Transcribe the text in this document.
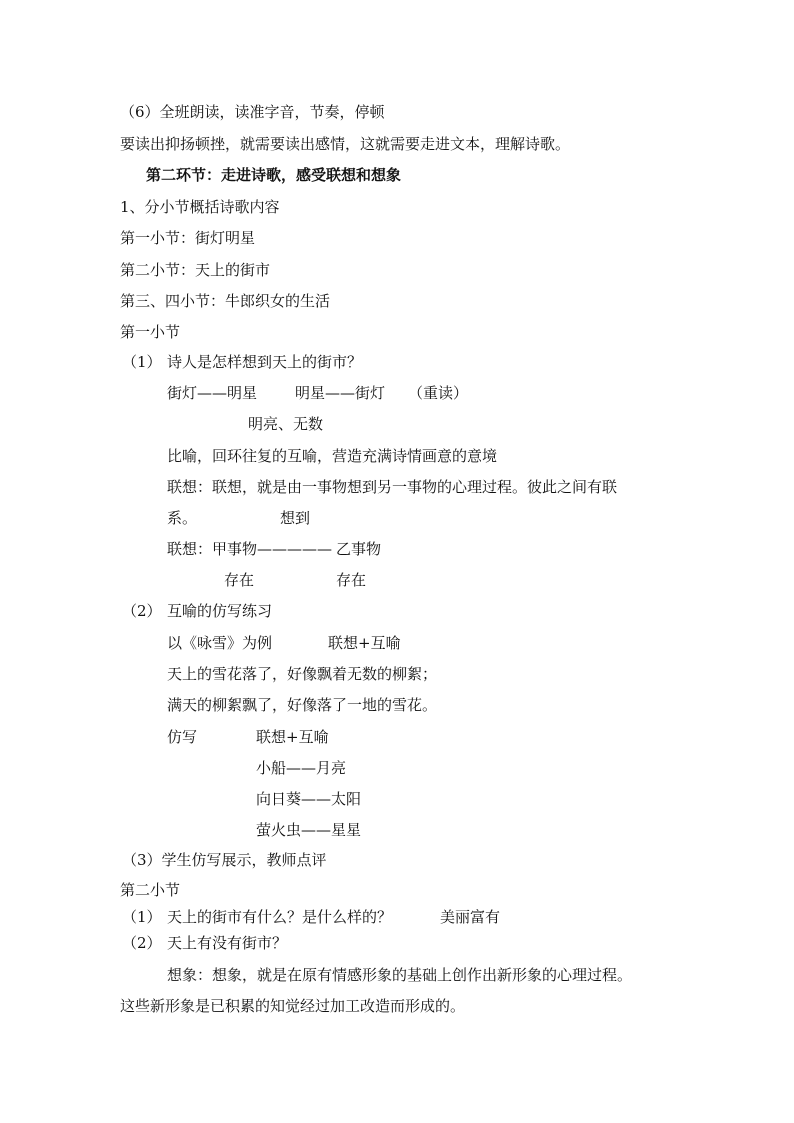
（6）全班朗读，读准字音，节奏，停顿
要读出抑扬顿挫，就需要读出感情，这就需要走进文本，理解诗歌。
第二环节：走进诗歌，感受联想和想象
1、分小节概括诗歌内容
第一小节：街灯明星
第二小节：天上的街市
第三、四小节：牛郎织女的生活
第一小节
（1） 诗人是怎样想到天上的街市？
街灯——明星	明星——街灯 （重读）
明亮、无数
比喻，回环往复的互喻，营造充满诗情画意的意境
联想：联想，就是由一事物想到另一事物的心理过程。彼此之间有联
系。	想到
联想：甲事物————— 乙事物
存在	存在
（2） 互喻的仿写练习
以《咏雪》为例	联想+互喻
天上的雪花落了，好像飘着无数的柳絮；
满天的柳絮飘了，好像落了一地的雪花。
仿写	联想+互喻
小船——月亮
向日葵——太阳
萤火虫——星星
（3）学生仿写展示，教师点评
第二小节
（1） 天上的街市有什么？是什么样的？	美丽富有
（2） 天上有没有街市？
想象：想象，就是在原有情感形象的基础上创作出新形象的心理过程。
这些新形象是已积累的知觉经过加工改造而形成的。
